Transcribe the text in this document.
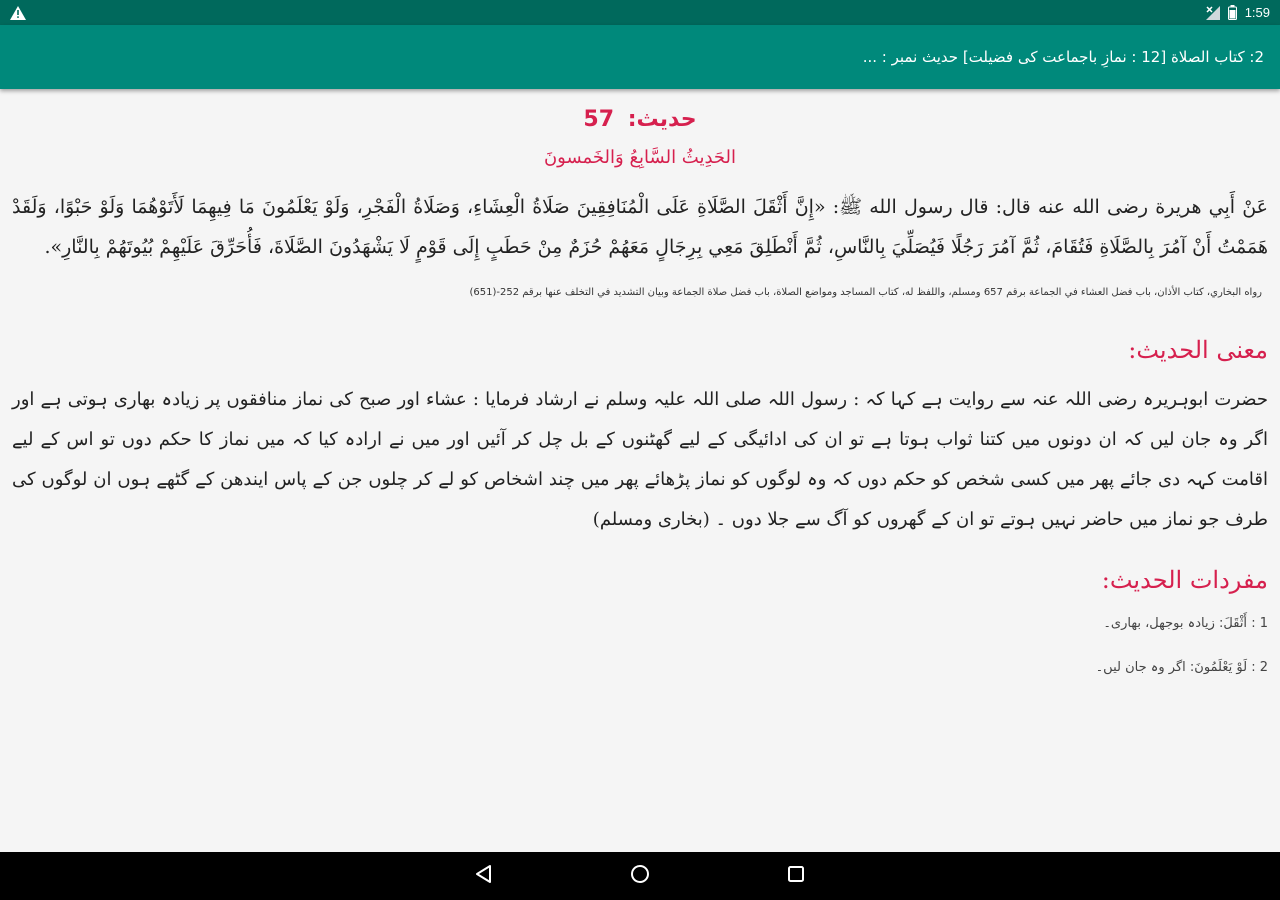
1:59
2: كتاب الصلاة [12 : نمازِ باجماعت کی فضیلت] حدیث نمبر : ...
حديث: 57
الحَدِيثُ السَّابِعُ وَالخَمسونَ
عَنْ أَبِي هريرة رضى الله عنه قال: قال رسول الله ﷺ: «إِنَّ أَثْقَلَ الصَّلَاةِ عَلَى الْمُنَافِقِينَ صَلَاةُ الْعِشَاءِ، وَصَلَاةُ الْفَجْرِ، وَلَوْ يَعْلَمُونَ مَا فِيهِمَا لَأَتَوْهُمَا وَلَوْ حَبْوًا، وَلَقَدْ هَمَمْتُ أَنْ آمُرَ بِالصَّلَاةِ فَتُقَامَ، ثُمَّ آمُرَ رَجُلًا فَيُصَلِّيَ بِالنَّاسِ، ثُمَّ أَنْطَلِقَ مَعِي بِرِجَالٍ مَعَهُمْ حُزَمٌ مِنْ حَطَبٍ إِلَى قَوْمٍ لَا يَشْهَدُونَ الصَّلَاةَ، فَأُحَرِّقَ عَلَيْهِمْ بُيُوتَهُمْ بِالنَّارِ».
رواه البخاري، كتاب الأذان، باب فضل العشاء في الجماعة برقم 657 ومسلم، واللفظ له، كتاب المساجد ومواضع الصلاة، باب فضل صلاة الجماعة وبيان التشديد في التخلف عنها برقم 252-(651)
معنى الحديث:
حضرت ابوہریرہ رضی اللہ عنہ سے روایت ہے کہا کہ : رسول اللہ صلی اللہ علیہ وسلم نے ارشاد فرمایا : عشاء اور صبح کی نماز منافقوں پر زیادہ بھاری ہوتی ہے اور اگر وہ جان لیں کہ ان دونوں میں کتنا ثواب ہوتا ہے تو ان کی ادائیگی کے لیے گھٹنوں کے بل چل کر آئیں اور میں نے ارادہ کیا کہ میں نماز کا حکم دوں تو اس کے لیے اقامت کہہ دی جائے پھر میں کسی شخص کو حکم دوں کہ وہ لوگوں کو نماز پڑھائے پھر میں چند اشخاص کو لے کر چلوں جن کے پاس ایندھن کے گٹھے ہوں ان لوگوں کی طرف جو نماز میں حاضر نہیں ہوتے تو ان کے گھروں کو آگ سے جلا دوں ۔ (بخاری ومسلم)
مفردات الحديث:
1 : أَثْقَلَ: زیادہ بوجھل، بھاری۔
2 : لَوْ يَعْلَمُونَ: اگر وہ جان لیں۔
